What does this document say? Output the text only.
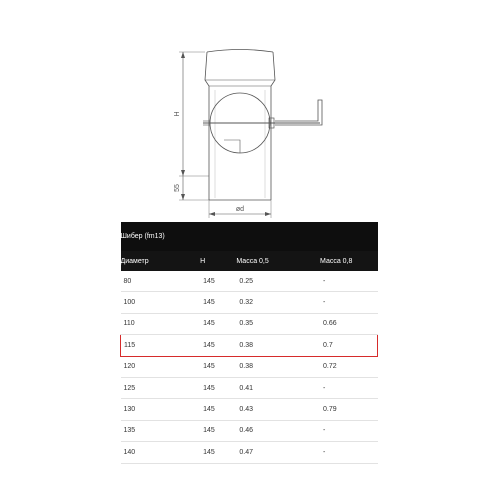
H
55
ød
Шибер (fm13)			
Диаметр	H	Масса 0,5	Масса 0,8
80	145	0.25	-
100	145	0.32	-
110	145	0.35	0.66
115	145	0.38	0.7
120	145	0.38	0.72
125	145	0.41	-
130	145	0.43	0.79
135	145	0.46	-
140	145	0.47	-
